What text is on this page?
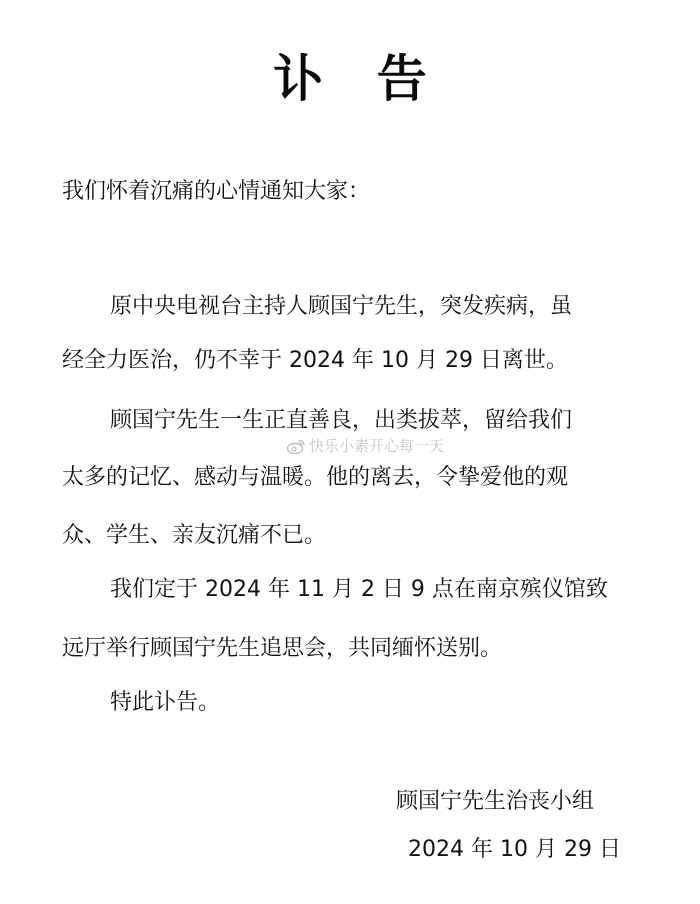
讣 告
我们怀着沉痛的心情通知大家：
原中央电视台主持人顾国宁先生，突发疾病，虽
经全力医治，仍不幸于 2024 年 10 月 29 日离世。
顾国宁先生一生正直善良，出类拔萃，留给我们
太多的记忆、感动与温暖。他的离去，令挚爱他的观
众、学生、亲友沉痛不已。
我们定于 2024 年 11 月 2 日 9 点在南京殡仪馆致
远厅举行顾国宁先生追思会，共同缅怀送别。
特此讣告。
顾国宁先生治丧小组
2024 年 10 月 29 日
快乐小素开心每一天
